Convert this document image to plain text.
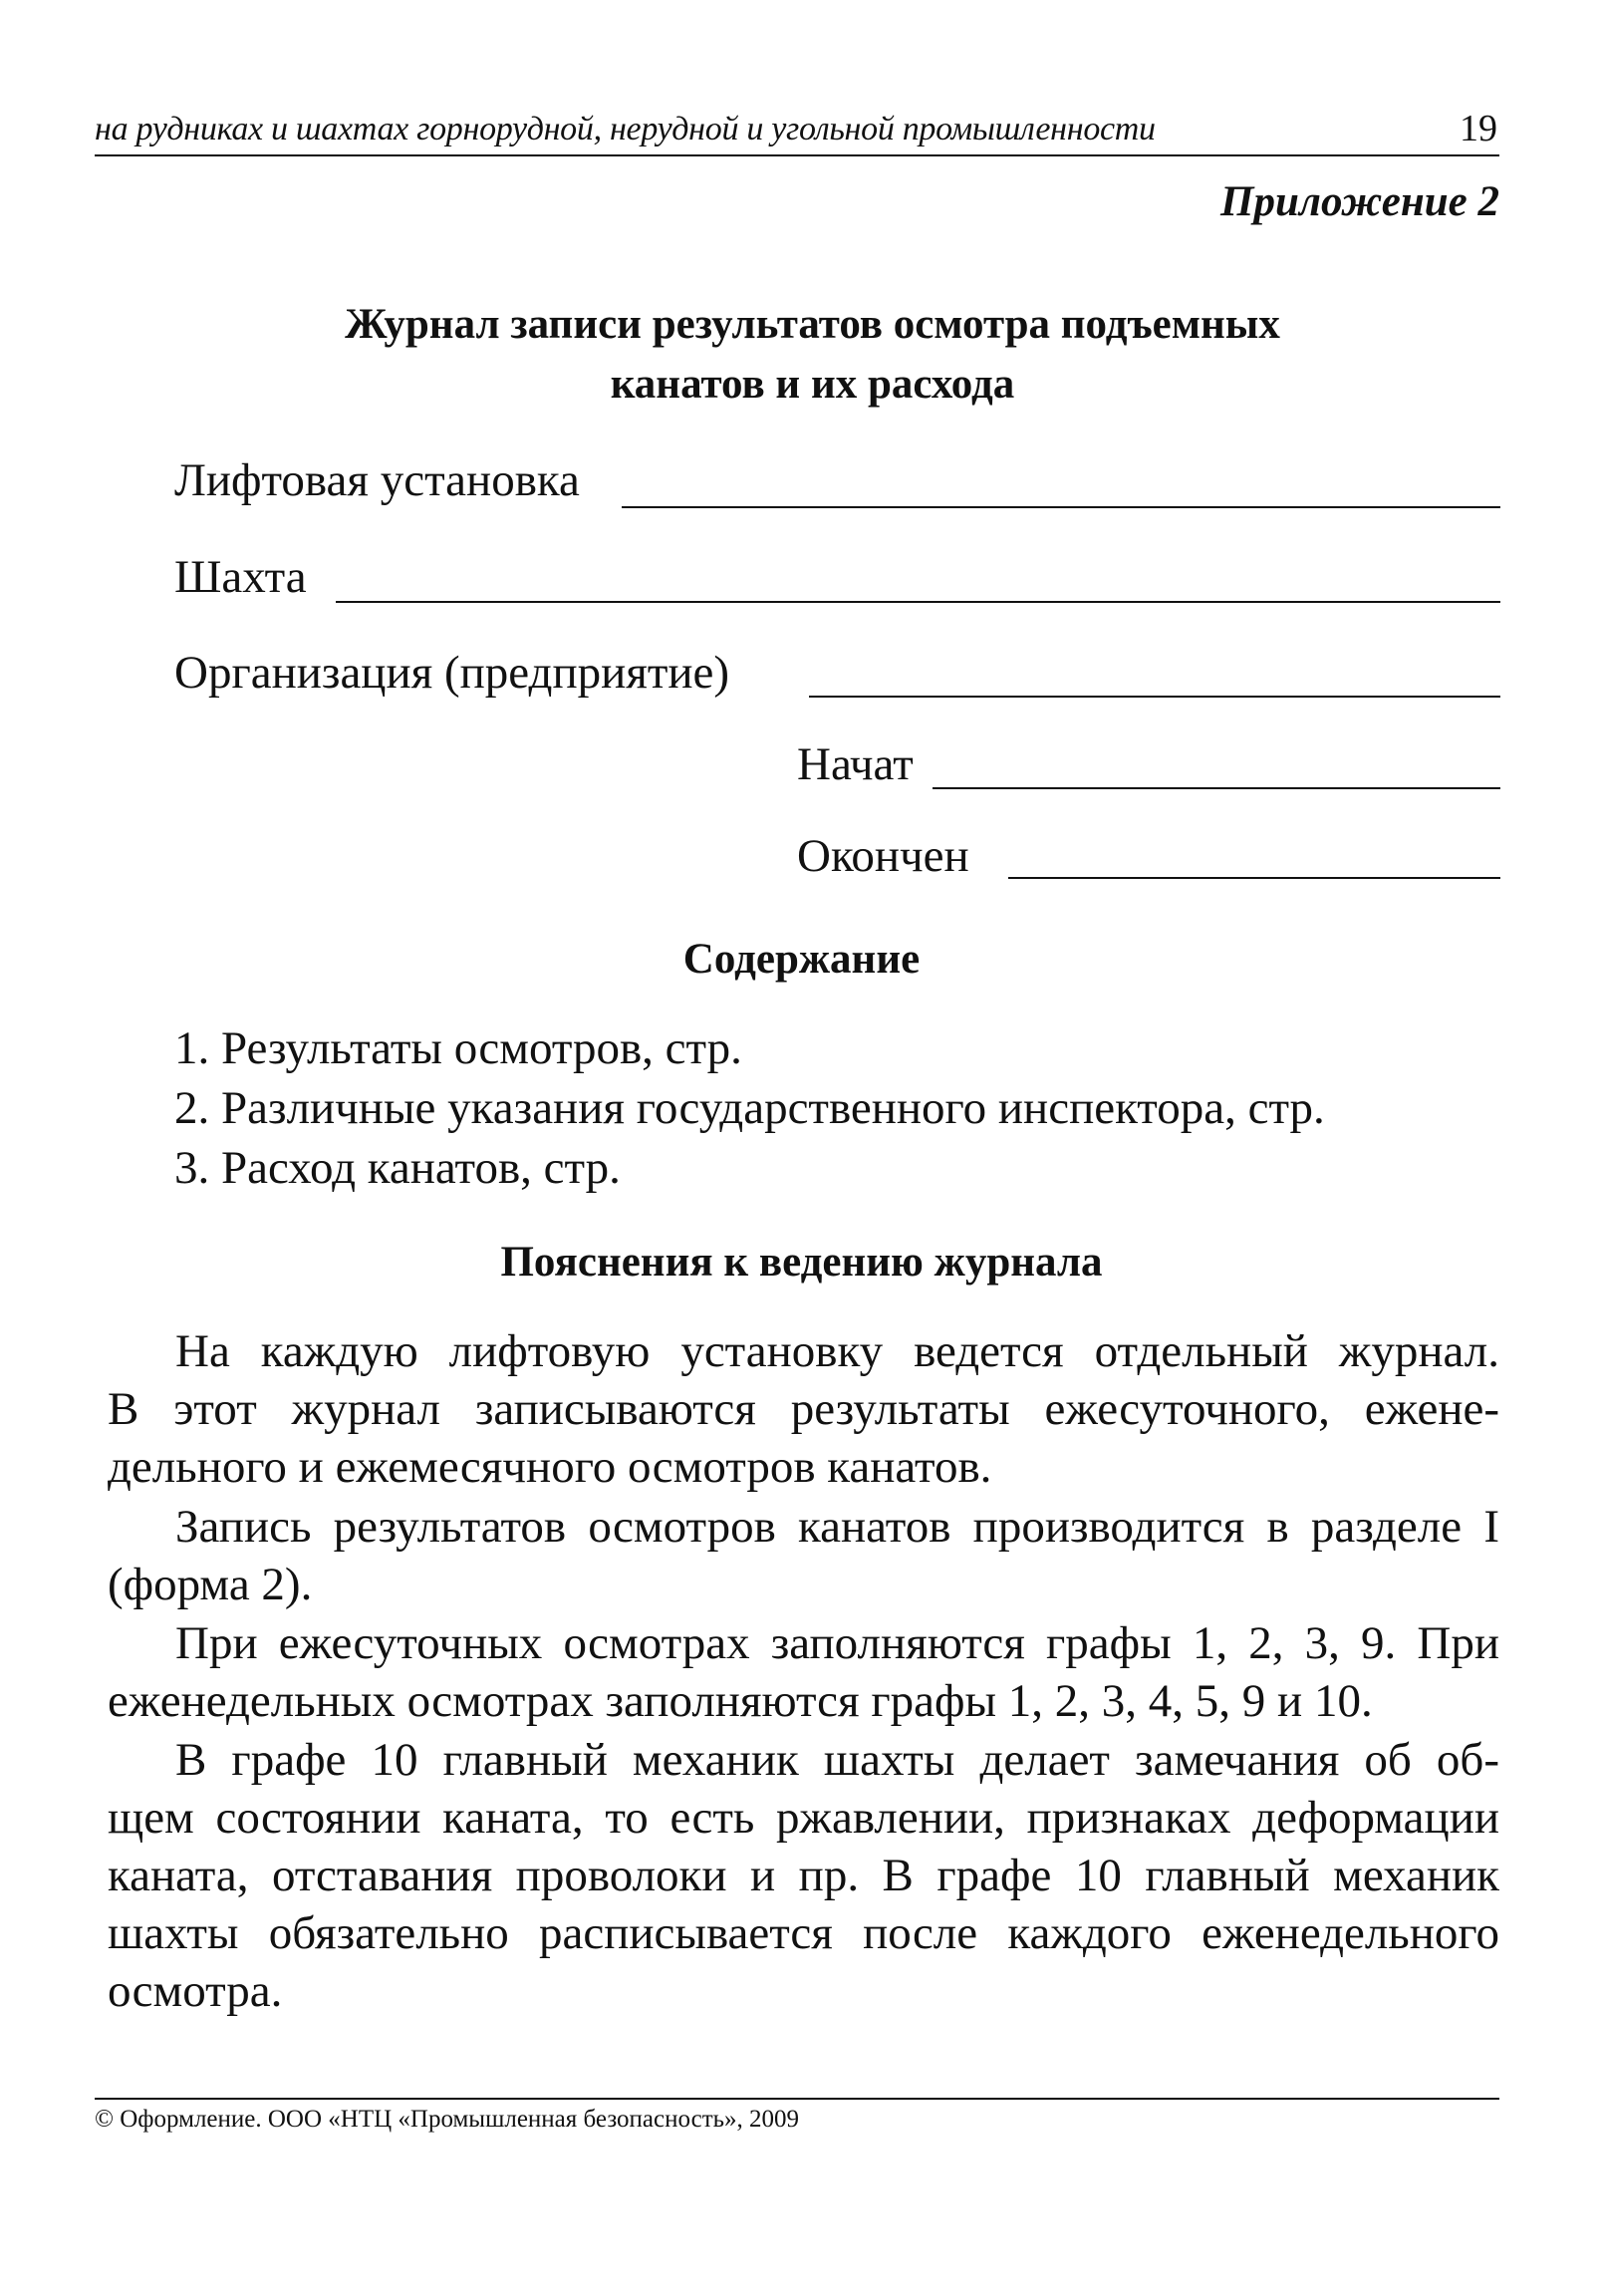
на рудниках и шахтах горнорудной, нерудной и угольной промышленности	19
Приложение 2
Журнал записи результатов осмотра подъемных
канатов и их расхода
Лифтовая установка
Шахта
Организация (предприятие)
Начат
Окончен
Содержание
1. Результаты осмотров, стр.
2. Различные указания государственного инспектора, стр.
3. Расход канатов, стр.
Пояснения к ведению журнала
На каждую лифтовую установку ведется отдельный журнал.
В этот журнал записываются результаты ежесуточного, ежене-
дельного и ежемесячного осмотров канатов.
Запись результатов осмотров канатов производится в разделе I
(форма 2).
При ежесуточных осмотрах заполняются графы 1, 2, 3, 9. При
еженедельных осмотрах заполняются графы 1, 2, 3, 4, 5, 9 и 10.
В графе 10 главный механик шахты делает замечания об об-
щем состоянии каната, то есть ржавлении, признаках деформации
каната, отставания проволоки и пр. В графе 10 главный механик
шахты обязательно расписывается после каждого еженедельного
осмотра.
© Оформление. ООО «НТЦ «Промышленная безопасность», 2009
